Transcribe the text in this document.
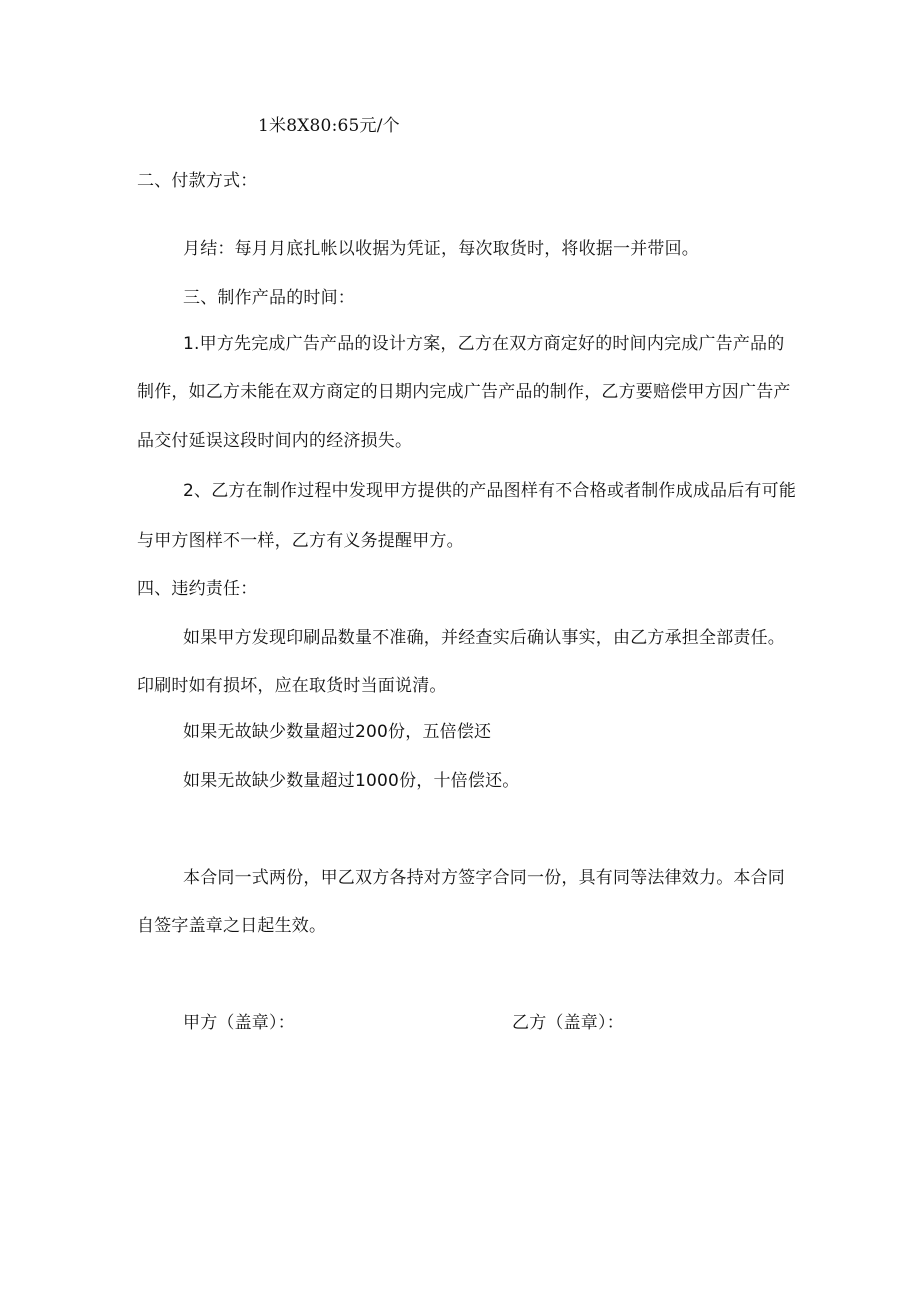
1米8X80:65元/个
二、付款方式：
月结：每月月底扎帐以收据为凭证，每次取货时，将收据一并带回。
三、制作产品的时间：
1.甲方先完成广告产品的设计方案，乙方在双方商定好的时间内完成广告产品的
制作，如乙方未能在双方商定的日期内完成广告产品的制作，乙方要赔偿甲方因广告产
品交付延误这段时间内的经济损失。
2、乙方在制作过程中发现甲方提供的产品图样有不合格或者制作成成品后有可能
与甲方图样不一样，乙方有义务提醒甲方。
四、违约责任：
如果甲方发现印刷品数量不准确，并经查实后确认事实，由乙方承担全部责任。
印刷时如有损坏，应在取货时当面说清。
如果无故缺少数量超过200份，五倍偿还
如果无故缺少数量超过1000份，十倍偿还。
本合同一式两份，甲乙双方各持对方签字合同一份，具有同等法律效力。本合同
自签字盖章之日起生效。
甲方（盖章）：	乙方（盖章）：
